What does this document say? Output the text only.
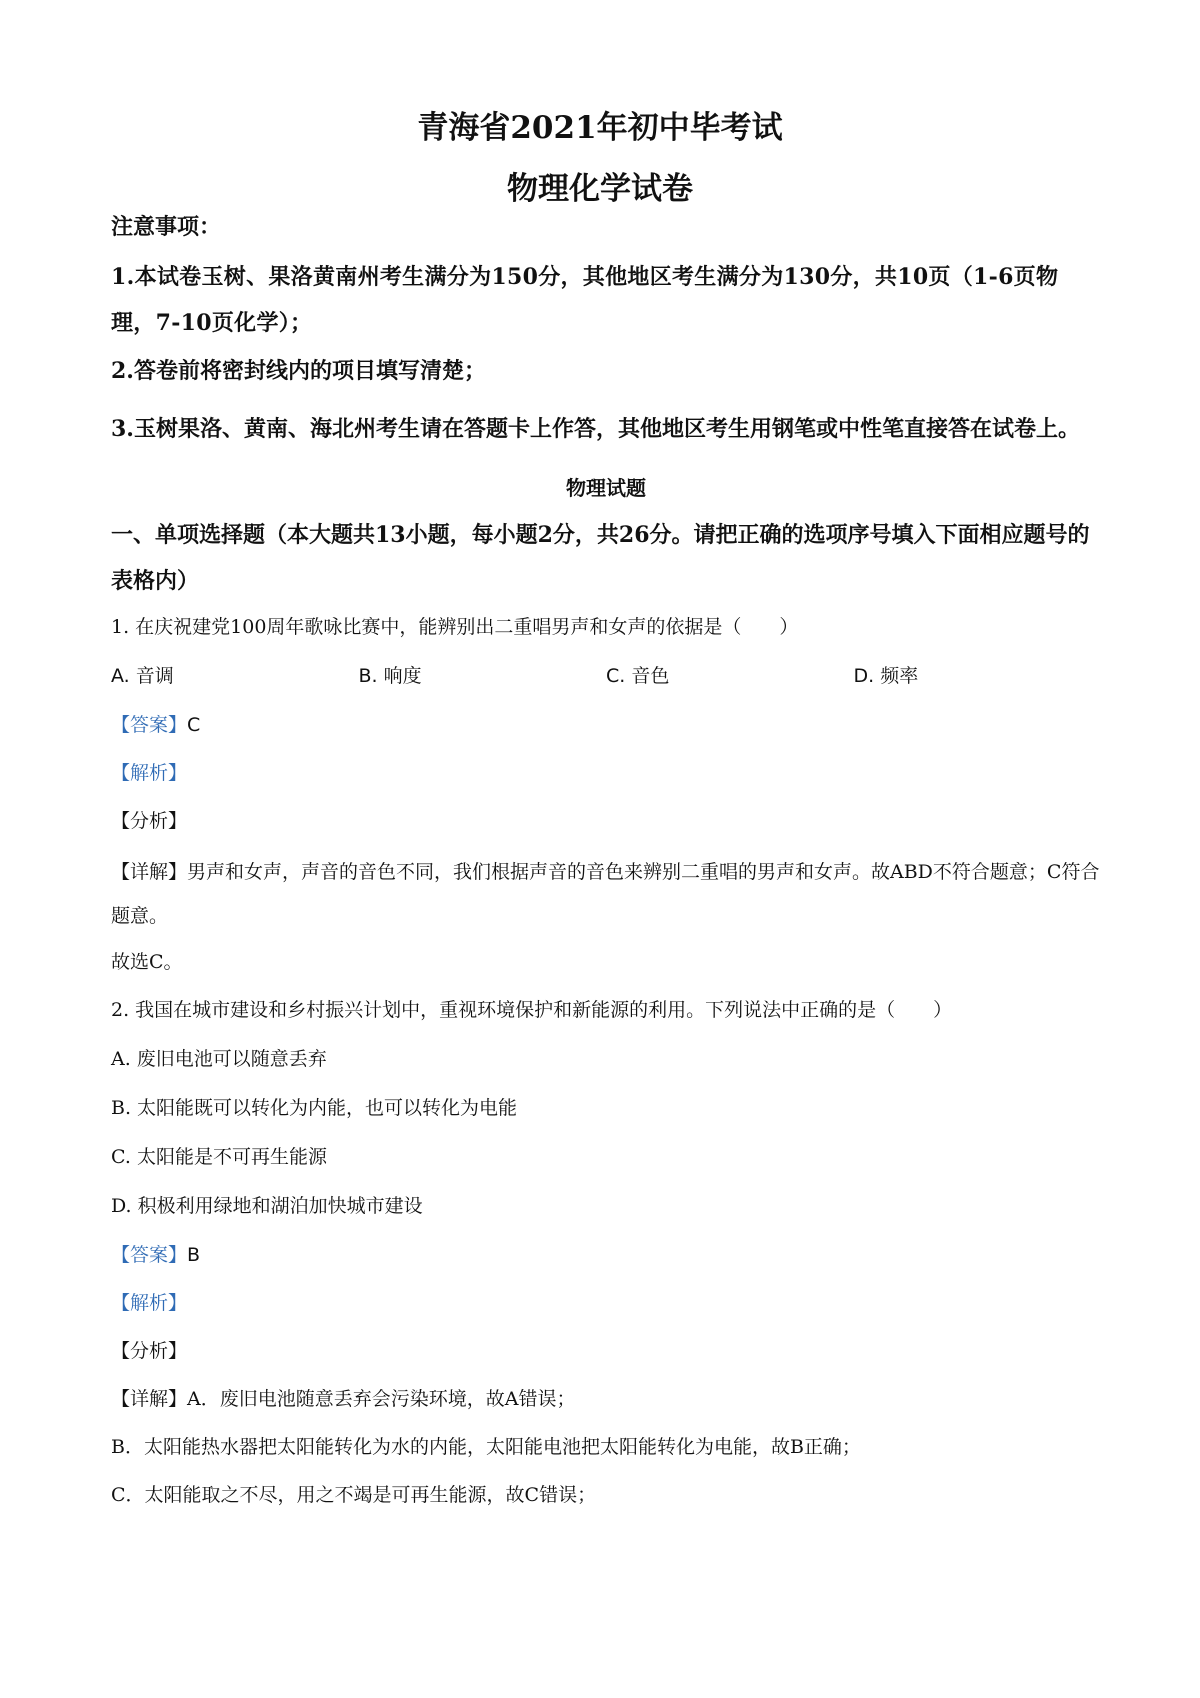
青海省2021年初中毕考试
物理化学试卷

注意事项：

1.本试卷玉树、果洛黄南州考生满分为150分，其他地区考生满分为130分，共10页（1-6页物理，7-10页化学）；

2.答卷前将密封线内的项目填写清楚；

3.玉树果洛、黄南、海北州考生请在答题卡上作答，其他地区考生用钢笔或中性笔直接答在试卷上。

物理试题

一、单项选择题（本大题共13小题，每小题2分，共26分。请把正确的选项序号填入下面相应题号的表格内）

1. 在庆祝建党100周年歌咏比赛中，能辨别出二重唱男声和女声的依据是（　　）

A. 音调	B. 响度	C. 音色	D. 频率

【答案】C

【解析】

【分析】

【详解】男声和女声，声音的音色不同，我们根据声音的音色来辨别二重唱的男声和女声。故ABD不符合题意；C符合题意。

故选C。

2. 我国在城市建设和乡村振兴计划中，重视环境保护和新能源的利用。下列说法中正确的是（　　）

A. 废旧电池可以随意丢弃

B. 太阳能既可以转化为内能，也可以转化为电能

C. 太阳能是不可再生能源

D. 积极利用绿地和湖泊加快城市建设

【答案】B

【解析】

【分析】

【详解】A．废旧电池随意丢弃会污染环境，故A错误；

B．太阳能热水器把太阳能转化为水的内能，太阳能电池把太阳能转化为电能，故B正确；

C．太阳能取之不尽，用之不竭是可再生能源，故C错误；
